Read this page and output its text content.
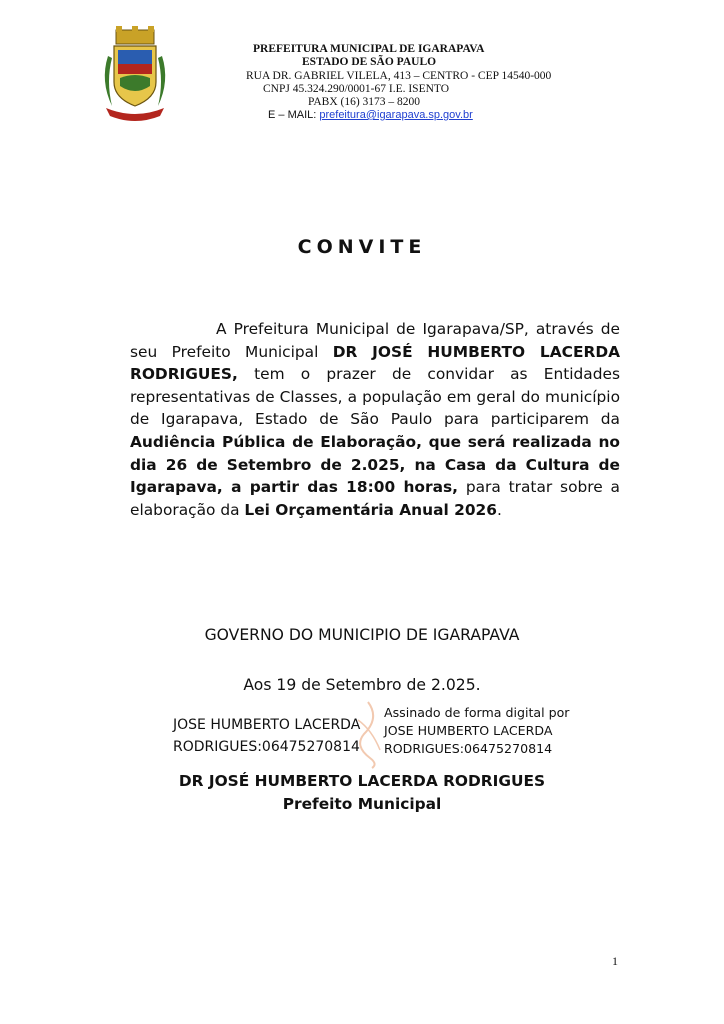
PREFEITURA MUNICIPAL DE IGARAPAVA
ESTADO DE SÃO PAULO
RUA DR. GABRIEL VILELA, 413 – CENTRO - CEP 14540-000
CNPJ 45.324.290/0001-67 I.E. ISENTO
PABX (16) 3173 – 8200
E – MAIL: prefeitura@igarapava.sp.gov.br
CONVITE
A Prefeitura Municipal de Igarapava/SP, através de seu Prefeito Municipal DR JOSÉ HUMBERTO LACERDA RODRIGUES, tem o prazer de convidar as Entidades representativas de Classes, a população em geral do município de Igarapava, Estado de São Paulo para participarem da Audiência Pública de Elaboração, que será realizada no dia 26 de Setembro de 2.025, na Casa da Cultura de Igarapava, a partir das 18:00 horas, para tratar sobre a elaboração da Lei Orçamentária Anual 2026.
GOVERNO DO MUNICIPIO DE IGARAPAVA
Aos 19 de Setembro de 2.025.
JOSE HUMBERTO LACERDA
RODRIGUES:06475270814
Assinado de forma digital por
JOSE HUMBERTO LACERDA
RODRIGUES:06475270814
DR JOSÉ HUMBERTO LACERDA RODRIGUES
Prefeito Municipal
1
